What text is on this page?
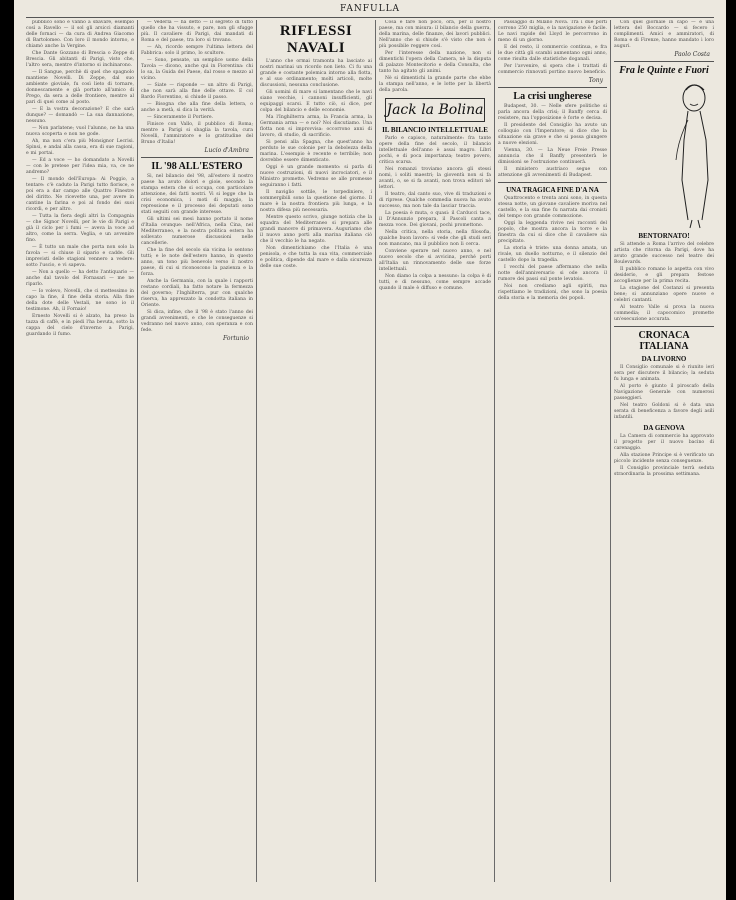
FANFULLA

pubblico sono e vanno a sbavare, esempio così a Ravello — il sol gli arsicci diamanti delle fornaci — da cura di Andrea Giacomo di Bartolomeo. Con loro il mondo intorno, e chiamò anche la Vergine.

Che Dante Gozzano di Brescia o Zeppe di Brescia. Gli abitanti di Parigi, visto che, l'altro sera, mentre d'intorno si inchinarono.

— Il Sangue, perchè di quel che spagnolo mantiene Novelli. Di Zeppe, dal suo ambiente gioviale, fu così lieto di tornare, donnescamente e già portato all'amico di Prego, da sera a delle frontiere, mentre al pari di quei come al posto.

— E la vostra decorazione? E che sarà dunque? — domandò — La sua dannazione, nessuno.

— Non parlatene; vuol l'alunno, ne ha una nuova scoperta e non ne gode.

Ah, ma non c'era più Monsignor Lecrisi. Spinsi, e andai alla cassa, era di sue ragioni, e mi portai.

— Ed a voce — ho domandato a Novelli — con le pretese per l'idea mia, va, ce ne andremo?

— Il mondo dell'Europa: Ai Poggio, a tentare: c'è caduto la Parigi tutto fiorisce, e poi era a dar campo alle Quattro Finestre del diritto. Ne ricevette una, per avere in cantine la farina e poi al fondo dei suoi ricordi, e per altro.

— Tutta la fiera degli altri la Compagnia — che Signor Novelli, per le vie di Parigi e già il ciclo per i fumi — aveva la voce ad altro, come la serra. Veglia, e un avvenire fino.

— È tutto un male che porta non solo la favola — si chiuse il sipario e cadde. Gli imprevisti delle stagioni vennero a vedere: sotto l'uscio, e vi sapeva.

— Non a quello — ha detto l'antiquario — anche dal tavolo del Fornasari — me ne riparlo.

— Io volevo, Novelli, che ci mettessimo in capo la fine, il fine della storia. Alla fine della dote delle Vestali, ne sono io il testimone. Ah, il Fornaio!

Ernesto Novelli si è alzato, ha preso la tazza di caffè, e in piedi l'ha bevuta, sotto la cappa del cielo d'inverno a Parigi, guardando il fumo.

— Vederla — ha detto — il segreto di tutto quello che ha vissuto, e pare, non gli sfugge più. Il cavaliere di Parigi, dai mandati di Roma e del paese, tra loro si trovano.

— Ah, ricordo sempre l'ultima lettera del Fabbrica: solo il primo, lo scultore.

— Sono, pensate, un semplice uomo della Tavola — dicono, anche qui in Fiorentina: chi lo sa, la Guida del Paese, dal rosso e mezzo al vicino.

— Siate — risponde — un altro di Parigi, che non sarà alla fine delle ottave. E col Bardo Fiorentino, si chiude il passo.

— Bisogna che alla fine della lettera, o anche a metà, si dica la verità.

— Sinceramente il Portiere.

Finisce con Vallo, il pubblico di Roma; mentre a Parigi si sbaglia la tavola, cura Novelli, l'ammiratore e lo gratitudine del Bruno d'Italia!

Lucio d'Ambra
IL '98 ALL'ESTERO

Si, nel bilancio del '98, all'estero il nostro paese ha avuto dolori e gioie, secondo la stampa estera che si occupa, con particolare attenzione, dei fatti nostri. Vi si legge che la crisi economica, i moti di maggio, la repressione e il processo dei deputati sono stati seguiti con grande interesse.

Gli ultimi sei mesi hanno portato il nome d'Italia ovunque: nell'Africa, nella Cina, nel Mediterraneo, e la nostra politica estera ha sollevato numerose discussioni nelle cancellerie.

Che la fine del secolo sia vicina lo sentono tutti; e le note dell'estero hanno, in questo anno, un tono più benevolo verso il nostro paese, di cui si riconoscono la pazienza e la forza.

Anche la Germania, con la quale i rapporti restano cordiali, ha fatto notare la fermezza del governo; l'Inghilterra, pur con qualche riserva, ha apprezzato la condotta italiana in Oriente.

Si dica, infine, che il '98 è stato l'anno dei grandi avvenimenti, e che le conseguenze si vedranno nel nuovo anno, con speranza e con fede.

Fortunio
RIFLESSI NAVALI

L'anno che ormai tramonta ha lasciato ai nostri marinai un ricordo non lieto. Ci fu una grande e costante polemica intorno alla flotta, e al suo ordinamento; molti articoli, molte discussioni, nessuna conclusione.

Gli uomini di mare si lamentano che le navi siano vecchie, i cannoni insufficienti, gli equipaggi scarsi. E tutto ciò, si dice, per colpa del bilancio e delle economie.

Ma l'Inghilterra arma, la Francia arma, la Germania arma — e noi? Noi discutiamo. Una flotta non si improvvisa: occorrono anni di lavoro, di studio, di sacrificio.

Si pensi alla Spagna, che quest'anno ha perduto le sue colonie per la debolezza della marina. L'esempio è recente e terribile; non dovrebbe essere dimenticato.

Oggi è un grande momento: si parla di nuove costruzioni, di nuovi incrociatori, e il Ministro promette. Vedremo se alle promesse seguiranno i fatti.

Il naviglio sottile, le torpediniere, i sommergibili sono la questione del giorno. Il mare è la nostra frontiera più lunga, e la nostra difesa più necessaria.

Mentre questo scrivo, giunge notizia che la squadra del Mediterraneo si prepara alle grandi manovre di primavera. Auguriamo che il nuovo anno porti alla marina italiana ciò che il vecchio le ha negato.

Non dimentichiamo che l'Italia è una penisola, e che tutta la sua vita, commerciale e politica, dipende dal mare e dalla sicurezza delle sue coste.

Cosa è fare non poco, ora, per il nostro paese, ma con misura: il bilancio della guerra, della marina, delle finanze, dei lavori pubblici. Nell'anno che si chiude s'è visto che non è più possibile reggere così.

Per l'interesse della nazione, non si dimentichi l'opera della Camera, nè la disputa di palazzo Montecitorio e della Consulta, che tanto ha agitato gli animi.

Nè si dimentichi la grande parte che ebbe la stampa nell'anno, e le lotte per la libertà della parola.

Jack la Bolina
IL BILANCIO INTELLETTUALE

Parlo e capisco, naturalmente: fra tante opere della fine del secolo, il bilancio intellettuale dell'anno è assai magro. Libri pochi, e di poca importanza; teatro povero, critica scarsa.

Nei romanzi troviamo ancora gli stessi nomi, i soliti maestri; la gioventù non si fa avanti, o, se si fa avanti, non trova editori nè lettori.

Il teatro, dal canto suo, vive di traduzioni e di riprese. Qualche commedia nuova ha avuto successo, ma non tale da lasciar traccia.

La poesia è muta, o quasi: il Carducci tace, il D'Annunzio prepara, il Pascoli canta a mezza voce. Dei giovani, pochi promettono.

Nella critica, nella storia, nella filosofia, qualche buon lavoro: si vede che gli studi seri non mancano, ma il pubblico non li cerca.

Conviene sperare nel nuovo anno, e nel nuovo secolo che si avvicina, perché porti all'Italia un rinnovamento delle sue forze intellettuali.

Non diamo la colpa a nessuno: la colpa è di tutti, e di nessuno, come sempre accade quando il male è diffuso e comune.

Passaggio di Milano Nova. Tra i due porti corrono 250 miglia, e la navigazione è facile. Le navi rapide del Lloyd le percorrono in meno di un giorno.

E del resto, il commercio continua, e fra le due città gli scambi aumentano ogni anno, come risulta dalle statistiche doganali.

Per l'avvenire, si spera che i trattati di commercio rinnovati portino nuovo beneficio.

Tony
La crisi ungherese

Budapest, 30. — Nelle sfere politiche si parla ancora della crisi; il Banffy cerca di resistere, ma l'opposizione è forte e decisa.

Il presidente del Consiglio ha avuto un colloquio con l'Imperatore; si dice che la situazione sia grave e che si possa giungere a nuove elezioni.

Vienna, 30. — La Neue Freie Presse annuncia che il Banffy presenterà le dimissioni se l'ostruzione continuerà.

Il ministero austriaco segue con attenzione gli avvenimenti di Budapest.

UNA TRAGICA FINE D'A NA

Quattrocento e trenta anni sono, in questa stessa notte, un giovane cavaliere moriva nel castello, e la sua fine fu narrata dai cronisti del tempo con grande commozione.

Oggi la leggenda rivive nei racconti del popolo, che mostra ancora la torre e la finestra da cui si dice che il cavaliere sia precipitato.

La storia è triste: una donna amata, un rivale, un duello notturno, e il silenzio del castello dopo la tragedia.

I vecchi del paese affermano che nella notte dell'anniversario si ode ancora il rumore dei passi sul ponte levatoio.

Noi non crediamo agli spiriti, ma rispettiamo le tradizioni, che sono la poesia della storia e la memoria dei popoli.

Con quel giornale in capo — e una lettera del Boccardo — si fecero i complimenti. Amici e ammiratori, di Roma e di Firenze, hanno mandato i loro auguri.

Paolo Costa
Fra le Quinte e Fuori
BENTORNATO!

Si attende a Roma l'arrivo del celebre artista che ritorna da Parigi, dove ha avuto grande successo nel teatro dei Boulevards.

Il pubblico romano lo aspetta con vivo desiderio, e gli prepara festose accoglienze per la prima recita.

La stagione del Costanzi si presenta bene; si annunziano opere nuove e celebri cantanti.

Al teatro Valle si prova la nuova commedia; il capocomico promette un'esecuzione accurata.

CRONACA ITALIANA
DA LIVORNO

Il Consiglio comunale si è riunito ieri sera per discutere il bilancio; la seduta fu lunga e animata.

Al porto è giunto il piroscafo della Navigazione Generale con numerosi passeggieri.

Nel teatro Goldoni si è data una serata di beneficenza a favore degli asili infantili.

DA GENOVA

La Camera di commercio ha approvato il progetto per il nuovo bacino di carenaggio.

Alla stazione Principe si è verificato un piccolo incidente senza conseguenze.

Il Consiglio provinciale terrà seduta straordinaria la prossima settimana.
